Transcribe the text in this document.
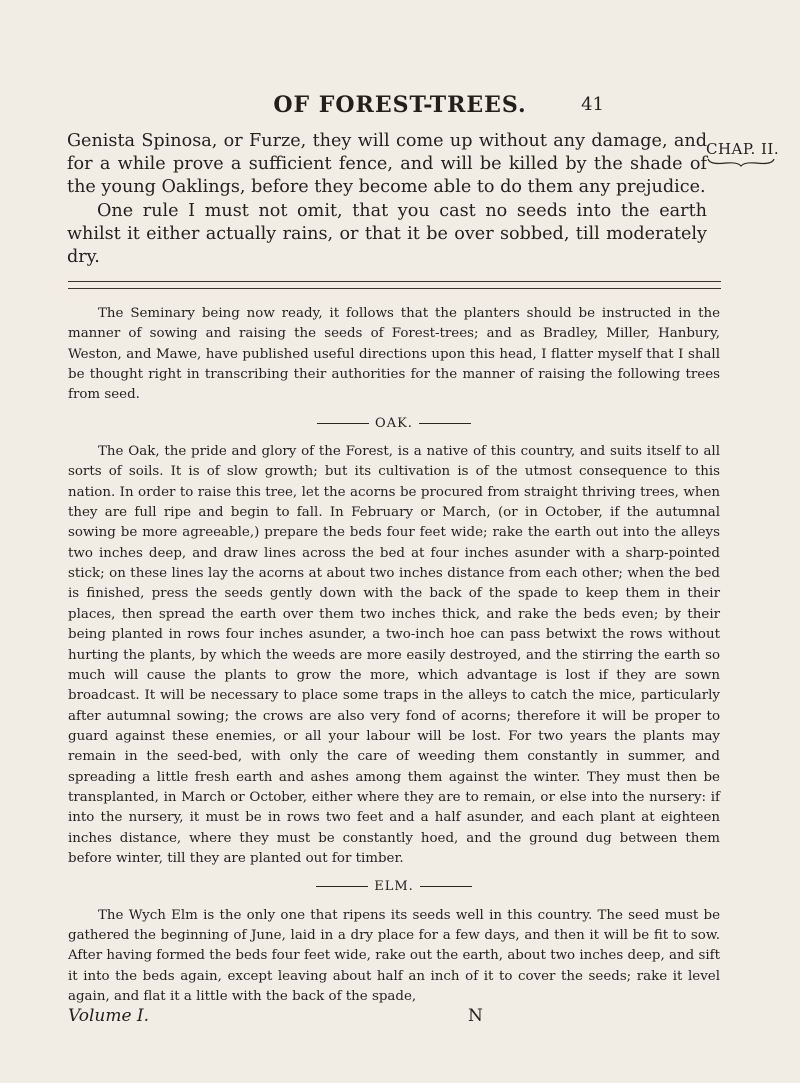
OF FOREST-TREES.	41
CHAP. II.

Genista Spinosa, or Furze, they will come up without any damage, and for a while prove a sufficient fence, and will be killed by the shade of the young Oaklings, before they become able to do them any prejudice.

One rule I must not omit, that you cast no seeds into the earth whilst it either actually rains, or that it be over sobbed, till moderately dry.

The Seminary being now ready, it follows that the planters should be instructed in the manner of sowing and raising the seeds of Forest-trees; and as Bradley, Miller, Hanbury, Weston, and Mawe, have published useful directions upon this head, I flatter myself that I shall be thought right in transcribing their authorities for the manner of raising the following trees from seed.

OAK.

The Oak, the pride and glory of the Forest, is a native of this country, and suits itself to all sorts of soils. It is of slow growth; but its cultivation is of the utmost consequence to this nation. In order to raise this tree, let the acorns be procured from straight thriving trees, when they are full ripe and begin to fall. In February or March, (or in October, if the autumnal sowing be more agreeable,) prepare the beds four feet wide; rake the earth out into the alleys two inches deep, and draw lines across the bed at four inches asunder with a sharp-pointed stick; on these lines lay the acorns at about two inches distance from each other; when the bed is finished, press the seeds gently down with the back of the spade to keep them in their places, then spread the earth over them two inches thick, and rake the beds even; by their being planted in rows four inches asunder, a two-inch hoe can pass betwixt the rows without hurting the plants, by which the weeds are more easily destroyed, and the stirring the earth so much will cause the plants to grow the more, which advantage is lost if they are sown broadcast. It will be necessary to place some traps in the alleys to catch the mice, particularly after autumnal sowing; the crows are also very fond of acorns; therefore it will be proper to guard against these enemies, or all your labour will be lost. For two years the plants may remain in the seed-bed, with only the care of weeding them constantly in summer, and spreading a little fresh earth and ashes among them against the winter. They must then be transplanted, in March or October, either where they are to remain, or else into the nursery: if into the nursery, it must be in rows two feet and a half asunder, and each plant at eighteen inches distance, where they must be constantly hoed, and the ground dug between them before winter, till they are planted out for timber.

ELM.

The Wych Elm is the only one that ripens its seeds well in this country. The seed must be gathered the beginning of June, laid in a dry place for a few days, and then it will be fit to sow. After having formed the beds four feet wide, rake out the earth, about two inches deep, and sift it into the beds again, except leaving about half an inch of it to cover the seeds; rake it level again, and flat it a little with the back of the spade,

Volume I.	N
